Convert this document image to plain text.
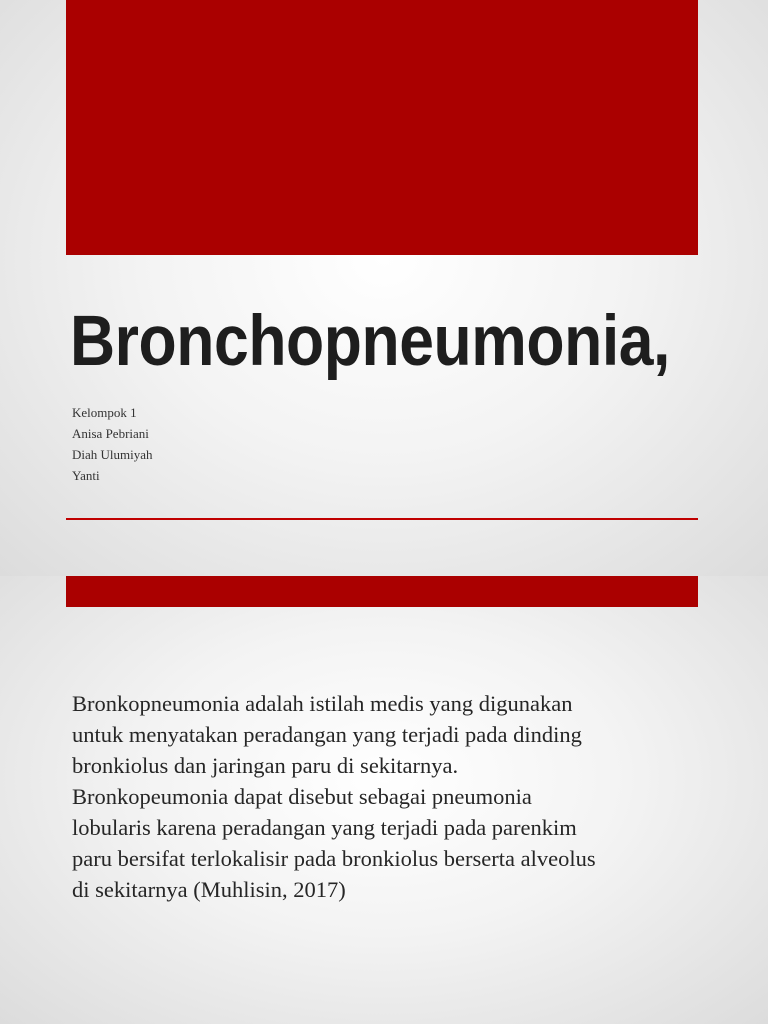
Bronchopneumonia,
Kelompok 1
Anisa Pebriani
Diah Ulumiyah
Yanti

Bronkopneumonia adalah istilah medis yang digunakan
untuk menyatakan peradangan yang terjadi pada dinding
bronkiolus dan jaringan paru di sekitarnya.
Bronkopeumonia dapat disebut sebagai pneumonia
lobularis karena peradangan yang terjadi pada parenkim
paru bersifat terlokalisir pada bronkiolus berserta alveolus
di sekitarnya (Muhlisin, 2017)
